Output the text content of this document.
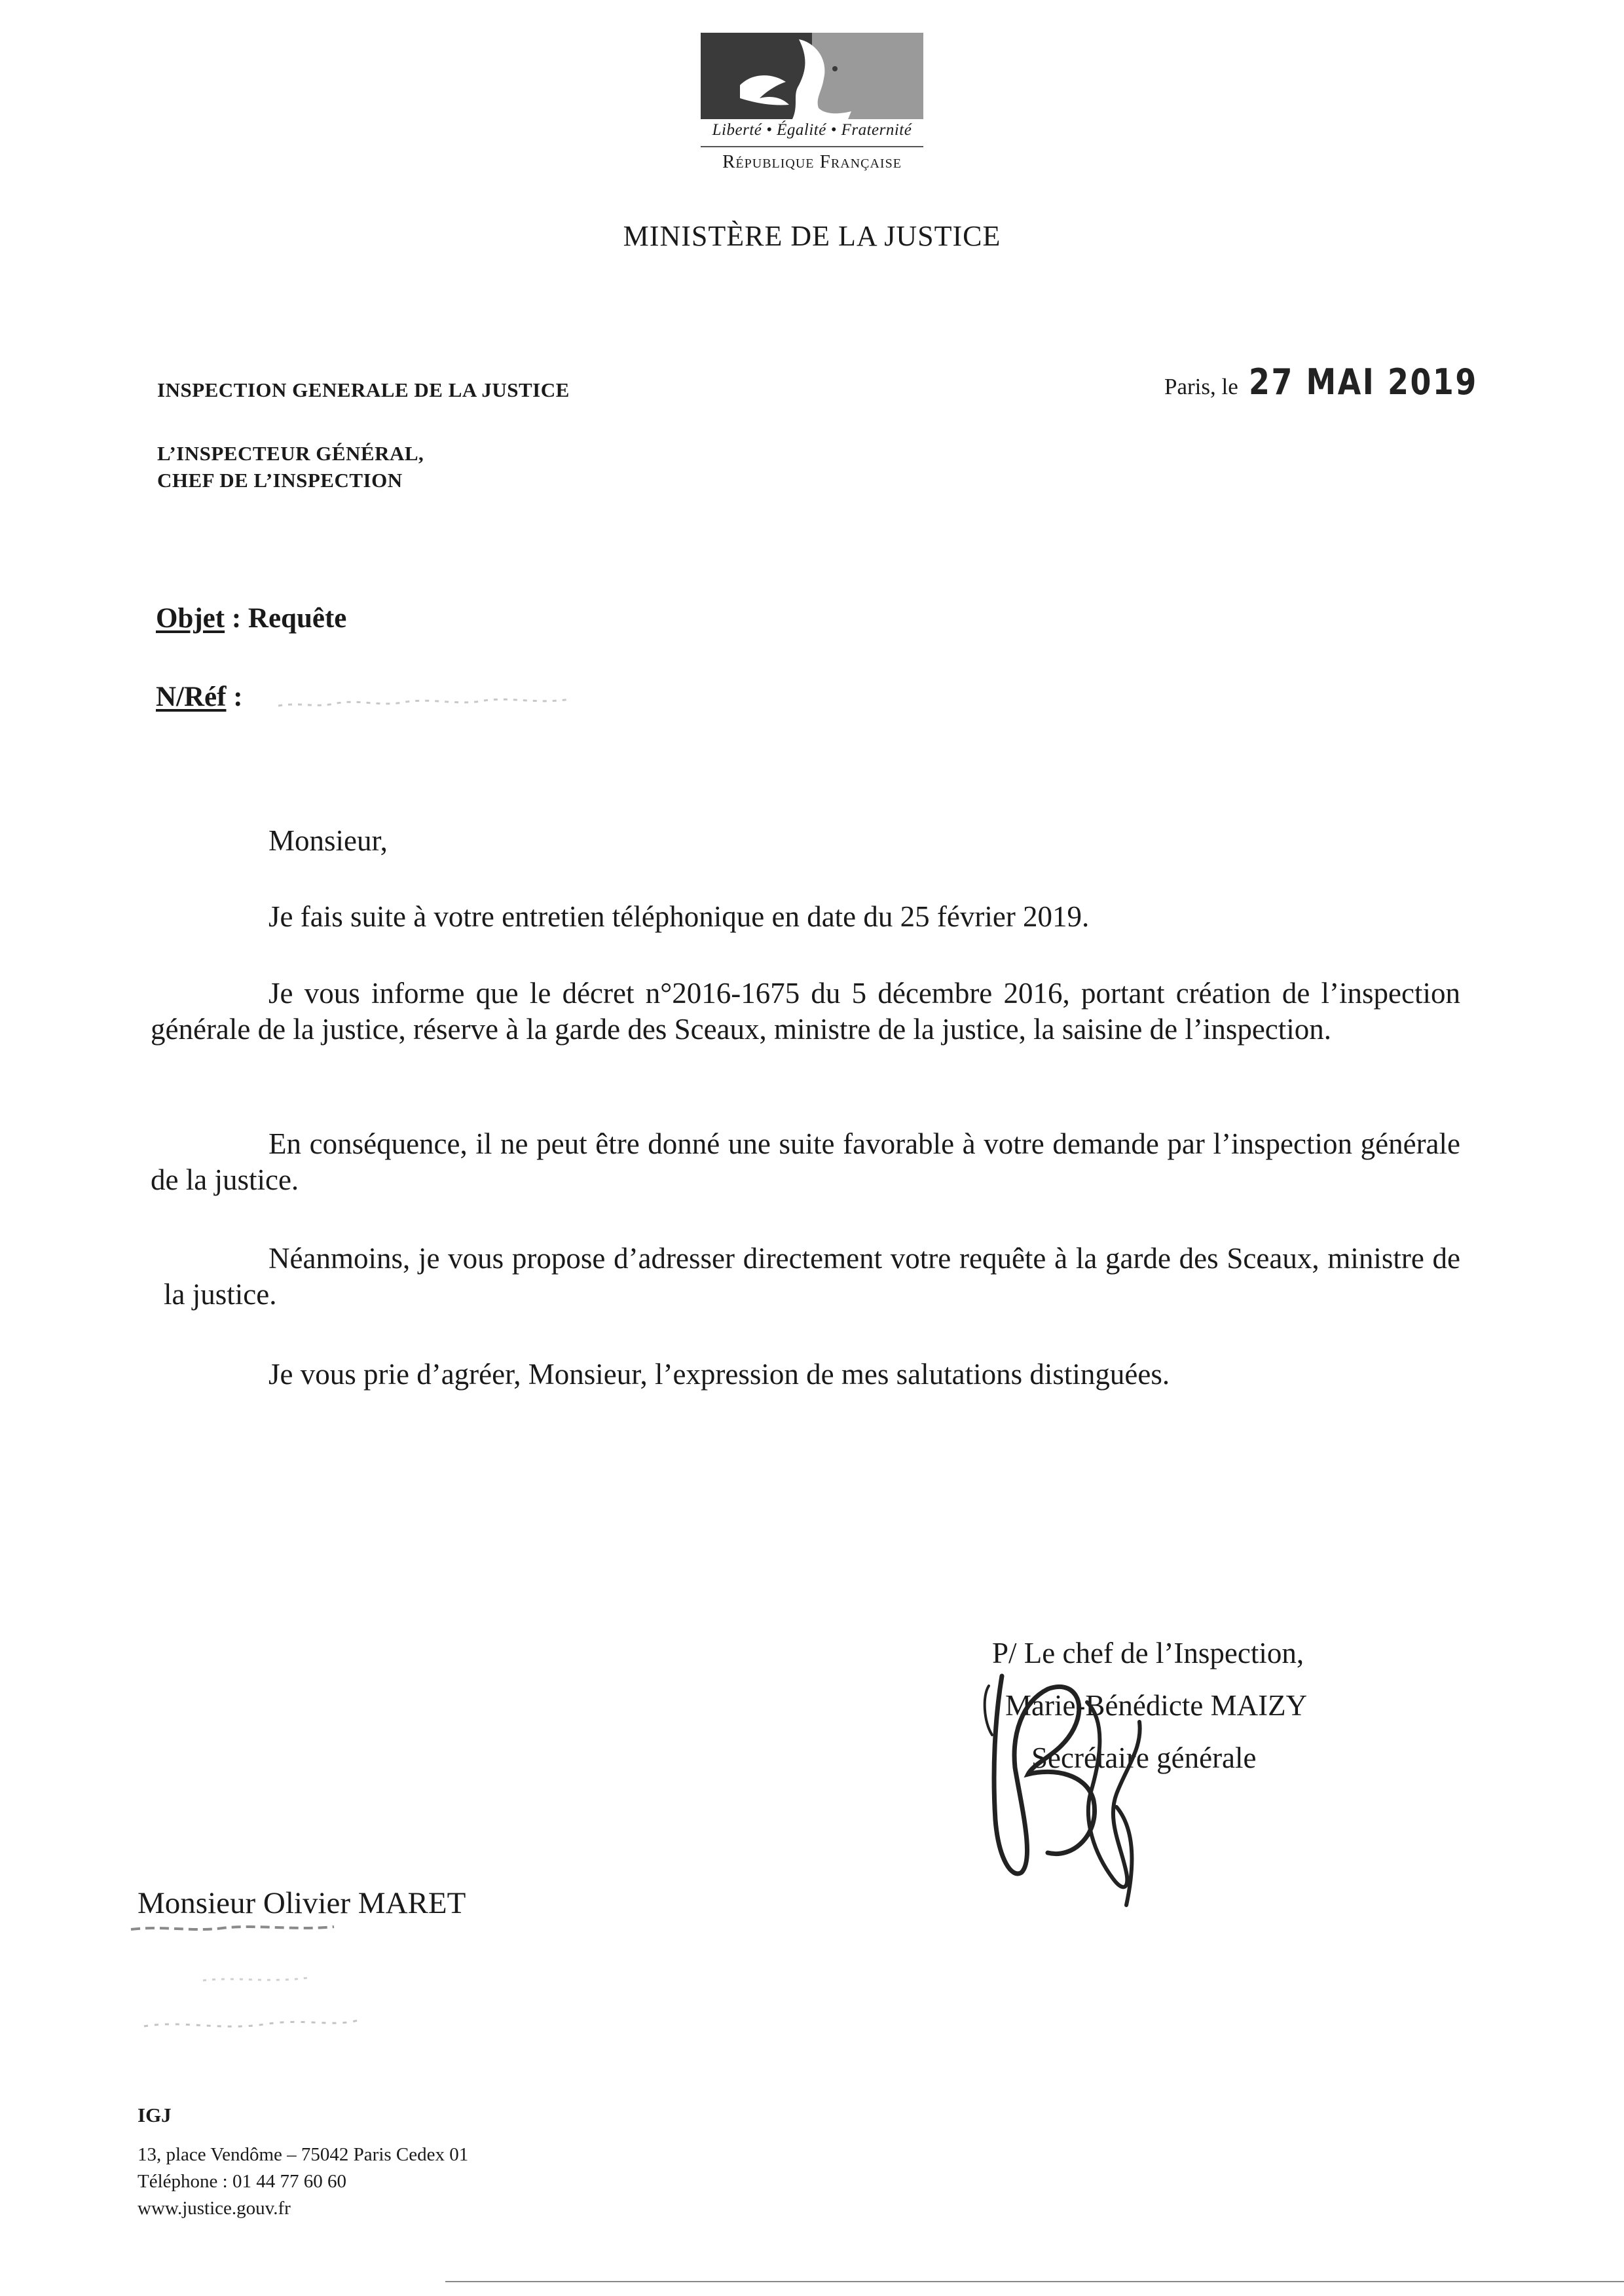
Liberté • Égalité • Fraternité
République Française
MINISTÈRE DE LA JUSTICE
INSPECTION GENERALE DE LA JUSTICE
L’INSPECTEUR GÉNÉRAL,
CHEF DE L’INSPECTION
Paris, le 27 MAI 2019
Objet : Requête
N/Réf :
Monsieur,
Je fais suite à votre entretien téléphonique en date du 25 février 2019.
Je vous informe que le décret n°2016-1675 du 5 décembre 2016, portant création de l’inspection générale de la justice, réserve à la garde des Sceaux, ministre de la justice, la saisine de l’inspection.
En conséquence, il ne peut être donné une suite favorable à votre demande par l’inspection générale de la justice.
Néanmoins, je vous propose d’adresser directement votre requête à la garde des Sceaux, ministre de la justice.
Je vous prie d’agréer, Monsieur, l’expression de mes salutations distinguées.
P/ Le chef de l’Inspection,
Marie-Bénédicte MAIZY
Secrétaire générale
Monsieur Olivier MARET
IGJ
13, place Vendôme – 75042 Paris Cedex 01
Téléphone : 01 44 77 60 60
www.justice.gouv.fr
